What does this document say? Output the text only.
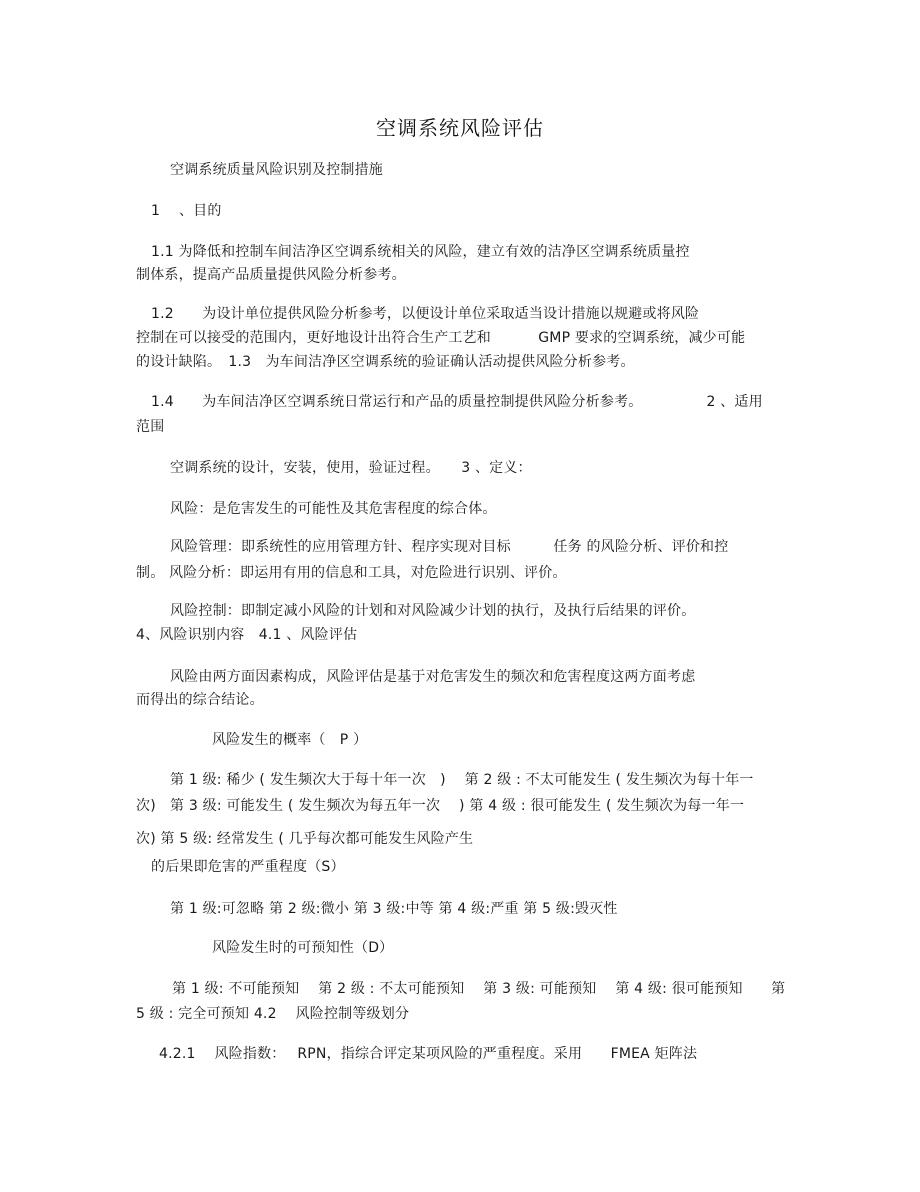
空调系统风险评估
空调系统质量风险识别及控制措施
1　 、目的
1.1 为降低和控制车间洁净区空调系统相关的风险，建立有效的洁净区空调系统质量控
制体系，提高产品质量提供风险分析参考。
1.2　　为设计单位提供风险分析参考，以便设计单位采取适当设计措施以规避或将风险
控制在可以接受的范围内，更好地设计出符合生产工艺和　　　 GMP 要求的空调系统，减少可能
的设计缺陷。　1.3　为车间洁净区空调系统的验证确认活动提供风险分析参考。
1.4　　为车间洁净区空调系统日常运行和产品的质量控制提供风险分析参考。　　　　　2 、适用
范围
空调系统的设计，安装，使用，验证过程。　　3 、定义：
风险：是危害发生的可能性及其危害程度的综合体。
风险管理：即系统性的应用管理方针、程序实现对目标　　　任务 的风险分析、评价和控
制。 风险分析：即运用有用的信息和工具，对危险进行识别、评价。
风险控制：即制定减小风险的计划和对风险减少计划的执行，及执行后结果的评价。
4、风险识别内容　4.1 、风险评估
风险由两方面因素构成，风险评估是基于对危害发生的频次和危害程度这两方面考虑
而得出的综合结论。
风险发生的概率（　P ）
第 1 级: 稀少 ( 发生频次大于每十年一次　)　 第 2 级 : 不太可能发生 ( 发生频次为每十年一
次)　第 3 级: 可能发生 ( 发生频次为每五年一次　 ) 第 4 级 : 很可能发生 ( 发生频次为每一年一
次) 第 5 级: 经常发生 ( 几乎每次都可能发生风险产生
的后果即危害的严重程度（S）
第 1 级:可忽略 第 2 级:微小 第 3 级:中等 第 4 级:严重 第 5 级:毁灭性
风险发生时的可预知性（D）
第 1 级: 不可能预知　 第 2 级 : 不太可能预知　 第 3 级: 可能预知　 第 4 级: 很可能预知　　第
5 级 : 完全可预知 4.2　 风险控制等级划分
4.2.1　 风险指数：　 RPN，指综合评定某项风险的严重程度。采用　　FMEA 矩阵法
